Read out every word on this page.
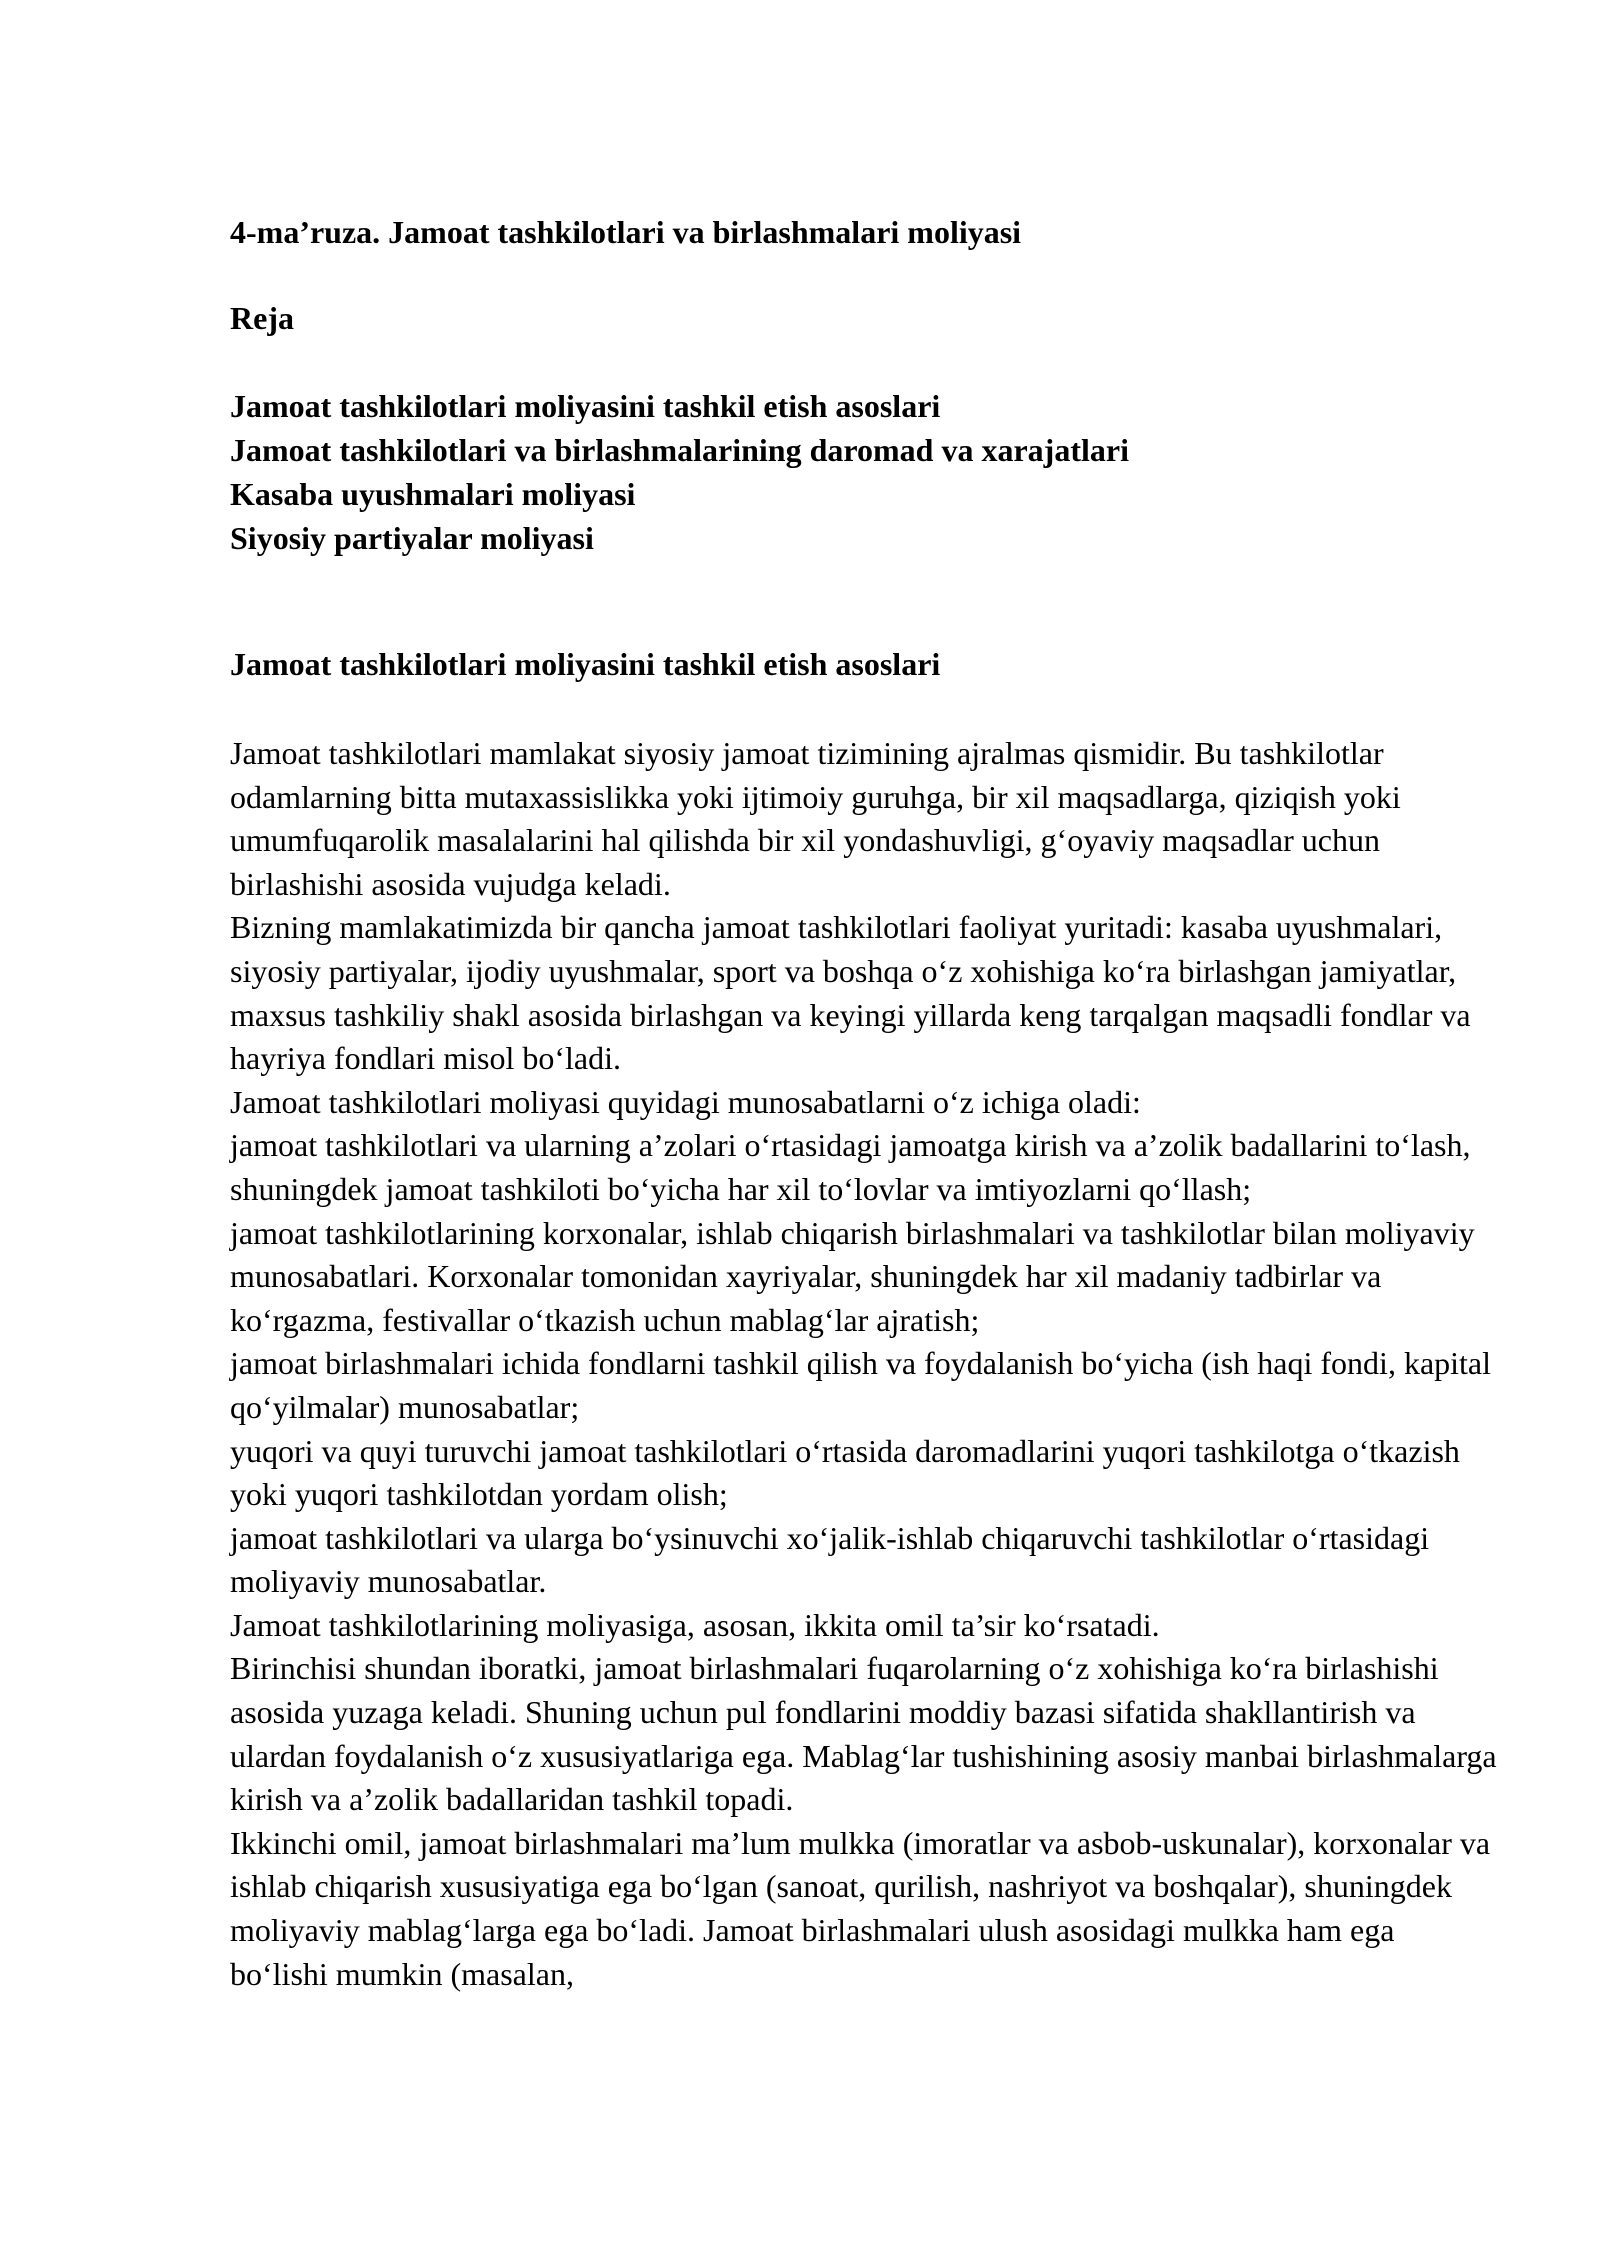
4-ma’ruza. Jamoat tashkilotlari va birlashmalari moliyasi
Reja
Jamoat tashkilotlari moliyasini tashkil etish asoslari
Jamoat tashkilotlari va birlashmalarining daromad va xarajatlari
Kasaba uyushmalari moliyasi
Siyosiy partiyalar moliyasi
Jamoat tashkilotlari moliyasini tashkil etish asoslari

Jamoat tashkilotlari mamlakat siyosiy jamoat tizimining ajralmas qismidir. Bu tashkilotlar odamlarning bitta mutaxassislikka yoki ijtimoiy guruhga, bir xil maqsadlarga, qiziqish yoki umumfuqarolik masalalarini hal qilishda bir xil yondashuvligi, g‘oyaviy maqsadlar uchun birlashishi asosida vujudga keladi.

Bizning mamlakatimizda bir qancha jamoat tashkilotlari faoliyat yuritadi: kasaba uyushmalari, siyosiy partiyalar, ijodiy uyushmalar, sport va boshqa o‘z xohishiga ko‘ra birlashgan jamiyatlar, maxsus tashkiliy shakl asosida birlashgan va keyingi yillarda keng tarqalgan maqsadli fondlar va hayriya fondlari misol bo‘ladi.

Jamoat tashkilotlari moliyasi quyidagi munosabatlarni o‘z ichiga oladi:

jamoat tashkilotlari va ularning a’zolari o‘rtasidagi jamoatga kirish va a’zolik badallarini to‘lash, shuningdek jamoat tashkiloti bo‘yicha har xil to‘lovlar va imtiyozlarni qo‘llash;

jamoat tashkilotlarining korxonalar, ishlab chiqarish birlashmalari va tashkilotlar bilan moliyaviy munosabatlari. Korxonalar tomonidan xayriyalar, shuningdek har xil madaniy tadbirlar va ko‘rgazma, festivallar o‘tkazish uchun mablag‘lar ajratish;

jamoat birlashmalari ichida fondlarni tashkil qilish va foydalanish bo‘yicha (ish haqi fondi, kapital qo‘yilmalar) munosabatlar;

yuqori va quyi turuvchi jamoat tashkilotlari o‘rtasida daromadlarini yuqori tashkilotga o‘tkazish yoki yuqori tashkilotdan yordam olish;

jamoat tashkilotlari va ularga bo‘ysinuvchi xo‘jalik-ishlab chiqaruvchi tashkilotlar o‘rtasidagi moliyaviy munosabatlar.

Jamoat tashkilotlarining moliyasiga, asosan, ikkita omil ta’sir ko‘rsatadi.

Birinchisi shundan iboratki, jamoat birlashmalari fuqarolarning o‘z xohishiga ko‘ra birlashishi asosida yuzaga keladi. Shuning uchun pul fondlarini moddiy bazasi sifatida shakllantirish va ulardan foydalanish o‘z xususiyatlariga ega. Mablag‘lar tushishining asosiy manbai birlashmalarga kirish va a’zolik badallaridan tashkil topadi.

Ikkinchi omil, jamoat birlashmalari ma’lum mulkka (imoratlar va asbob-uskunalar), korxonalar va ishlab chiqarish xususiyatiga ega bo‘lgan (sanoat, qurilish, nashriyot va boshqalar), shuningdek moliyaviy mablag‘larga ega bo‘ladi. Jamoat birlashmalari ulush asosidagi mulkka ham ega bo‘lishi mumkin (masalan,
